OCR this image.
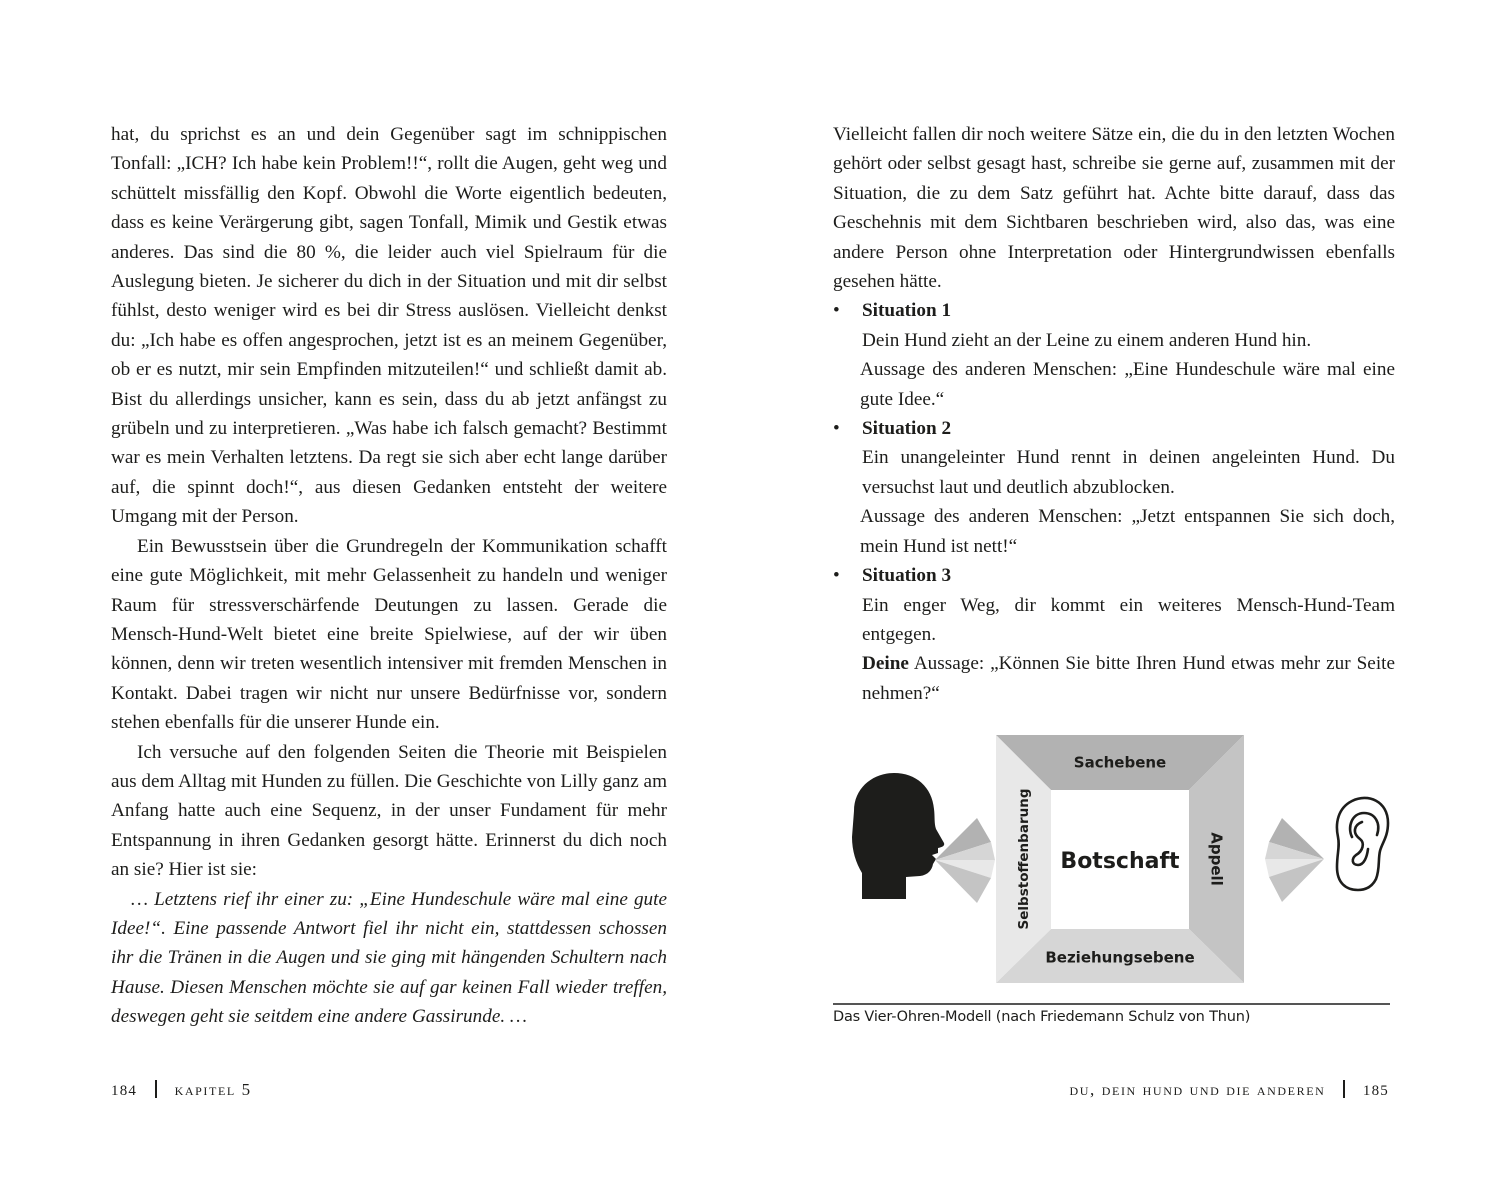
hat, du sprichst es an und dein Gegenüber sagt im schnippischen Tonfall: „ICH? Ich habe kein Problem!!“, rollt die Augen, geht weg und schüttelt missfällig den Kopf. Obwohl die Worte eigentlich bedeuten, dass es keine Verärgerung gibt, sagen Tonfall, Mimik und Gestik etwas anderes. Das sind die 80 %, die leider auch viel Spielraum für die Auslegung bieten. Je sicherer du dich in der Situation und mit dir selbst fühlst, desto weniger wird es bei dir Stress auslösen. Vielleicht denkst du: „Ich habe es offen angesprochen, jetzt ist es an meinem Gegenüber, ob er es nutzt, mir sein Empfinden mitzuteilen!“ und schließt damit ab. Bist du allerdings unsicher, kann es sein, dass du ab jetzt anfängst zu grübeln und zu interpretieren. „Was habe ich falsch gemacht? Bestimmt war es mein Verhalten letztens. Da regt sie sich aber echt lange darüber auf, die spinnt doch!“, aus diesen Gedanken entsteht der weitere Umgang mit der Person.

Ein Bewusstsein über die Grundregeln der Kommunikation schafft eine gute Möglichkeit, mit mehr Gelassenheit zu handeln und weniger Raum für stressverschärfende Deutungen zu lassen. Gerade die Mensch-Hund-Welt bietet eine breite Spielwiese, auf der wir üben können, denn wir treten wesentlich intensiver mit fremden Menschen in Kontakt. Dabei tragen wir nicht nur unsere Bedürfnisse vor, sondern stehen ebenfalls für die unserer Hunde ein.

Ich versuche auf den folgenden Seiten die Theorie mit Beispielen aus dem Alltag mit Hunden zu füllen. Die Geschichte von Lilly ganz am Anfang hatte auch eine Sequenz, in der unser Fundament für mehr Entspannung in ihren Gedanken gesorgt hätte. Erinnerst du dich noch an sie? Hier ist sie:

… Letztens rief ihr einer zu: „Eine Hundeschule wäre mal eine gute Idee!“. Eine passende Antwort fiel ihr nicht ein, stattdessen schossen ihr die Tränen in die Augen und sie ging mit hängenden Schultern nach Hause. Diesen Menschen möchte sie auf gar keinen Fall wieder treffen, deswegen geht sie seitdem eine andere Gassirunde. …

184 kapitel 5

Vielleicht fallen dir noch weitere Sätze ein, die du in den letzten Wochen gehört oder selbst gesagt hast, schreibe sie gerne auf, zusammen mit der Situation, die zu dem Satz geführt hat. Achte bitte darauf, dass das Geschehnis mit dem Sichtbaren beschrieben wird, also das, was eine andere Person ohne Interpretation oder Hintergrundwissen ebenfalls gesehen hätte.

• Situation 1
Dein Hund zieht an der Leine zu einem anderen Hund hin.
Aussage des anderen Menschen: „Eine Hundeschule wäre mal eine gute Idee.“
• Situation 2
Ein unangeleinter Hund rennt in deinen angeleinten Hund. Du versuchst laut und deutlich abzublocken.
Aussage des anderen Menschen: „Jetzt entspannen Sie sich doch, mein Hund ist nett!“
• Situation 3
Ein enger Weg, dir kommt ein weiteres Mensch-Hund-Team entgegen.
Deine Aussage: „Können Sie bitte Ihren Hund etwas mehr zur Seite nehmen?“
Botschaft
Sachebene
Beziehungsebene
Selbstoffenbarung	Appell
Das Vier-Ohren-Modell (nach Friedemann Schulz von Thun)
du, dein hund und die anderen	185
